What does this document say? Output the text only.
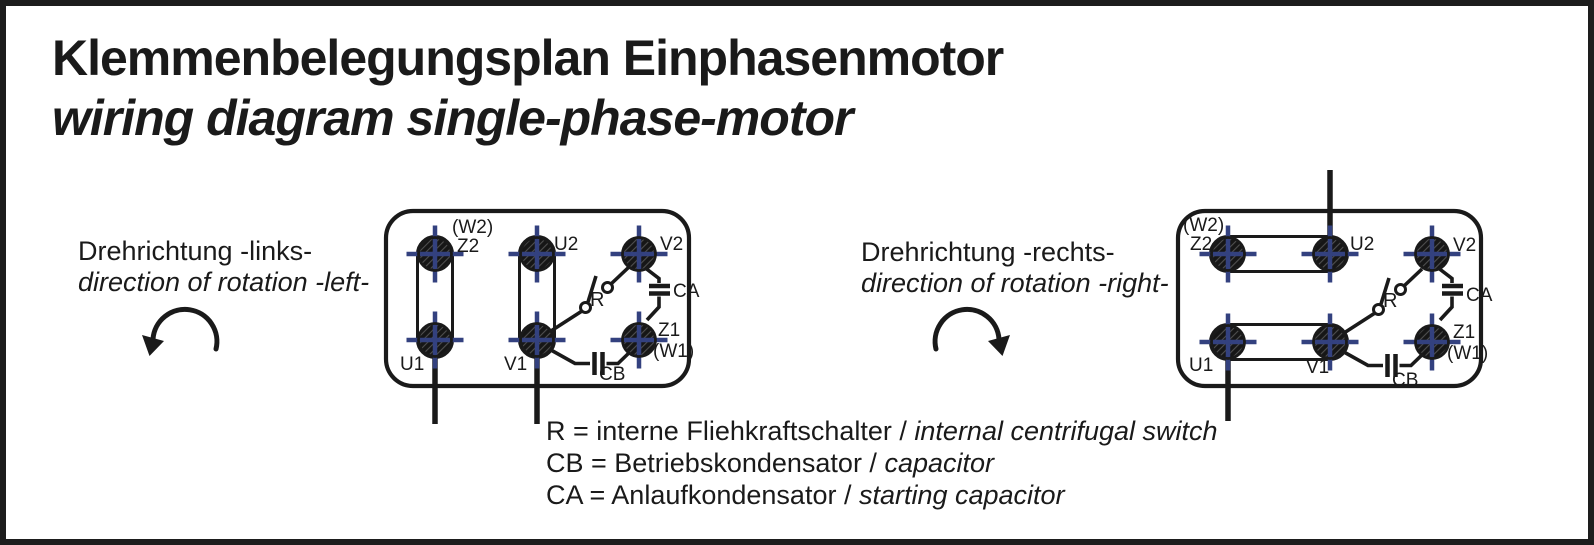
Klemmenbelegungsplan Einphasenmotor
wiring diagram single-phase-motor
Drehrichtung -links-
direction of rotation -left-
Drehrichtung -rechts-
direction of rotation -right-
R = interne Fliehkraftschalter / internal centrifugal switch
CB = Betriebskondensator / capacitor
CA = Anlaufkondensator / starting capacitor
(W2)
Z2	U2	V2
U1	V1
Z1
(W1)
R
CB
CA
(W2)
Z2	U2	V2
U1	V1
Z1
(W1)
R
CB
CA
